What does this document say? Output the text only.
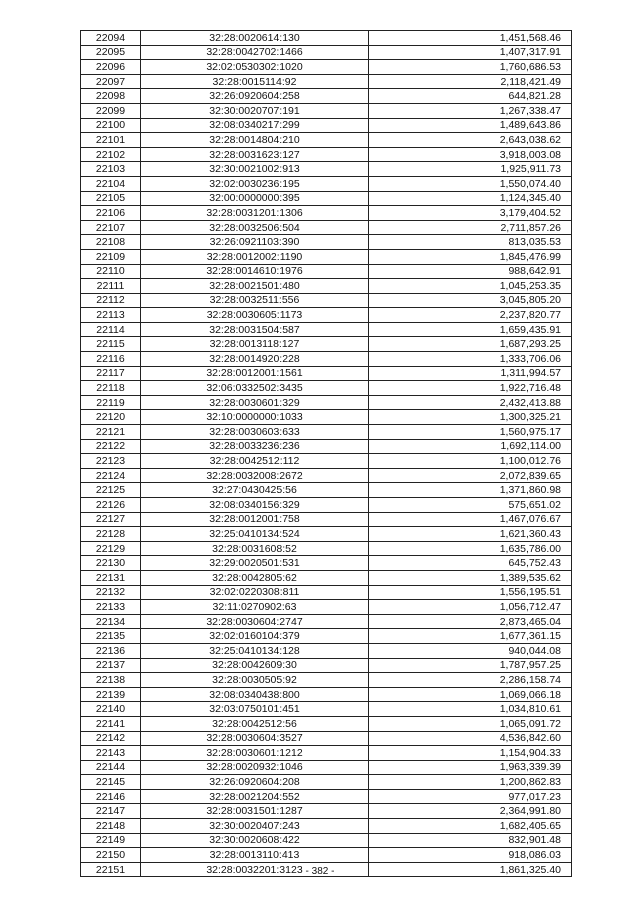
22094	32:28:0020614:130	1,451,568.46
22095	32:28:0042702:1466	1,407,317.91
22096	32:02:0530302:1020	1,760,686.53
22097	32:28:0015114:92	2,118,421.49
22098	32:26:0920604:258	644,821.28
22099	32:30:0020707:191	1,267,338.47
22100	32:08:0340217:299	1,489,643.86
22101	32:28:0014804:210	2,643,038.62
22102	32:28:0031623:127	3,918,003.08
22103	32:30:0021002:913	1,925,911.73
22104	32:02:0030236:195	1,550,074.40
22105	32:00:0000000:395	1,124,345.40
22106	32:28:0031201:1306	3,179,404.52
22107	32:28:0032506:504	2,711,857.26
22108	32:26:0921103:390	813,035.53
22109	32:28:0012002:1190	1,845,476.99
22110	32:28:0014610:1976	988,642.91
22111	32:28:0021501:480	1,045,253.35
22112	32:28:0032511:556	3,045,805.20
22113	32:28:0030605:1173	2,237,820.77
22114	32:28:0031504:587	1,659,435.91
22115	32:28:0013118:127	1,687,293.25
22116	32:28:0014920:228	1,333,706.06
22117	32:28:0012001:1561	1,311,994.57
22118	32:06:0332502:3435	1,922,716.48
22119	32:28:0030601:329	2,432,413.88
22120	32:10:0000000:1033	1,300,325.21
22121	32:28:0030603:633	1,560,975.17
22122	32:28:0033236:236	1,692,114.00
22123	32:28:0042512:112	1,100,012.76
22124	32:28:0032008:2672	2,072,839.65
22125	32:27:0430425:56	1,371,860.98
22126	32:08:0340156:329	575,651.02
22127	32:28:0012001:758	1,467,076.67
22128	32:25:0410134:524	1,621,360.43
22129	32:28:0031608:52	1,635,786.00
22130	32:29:0020501:531	645,752.43
22131	32:28:0042805:62	1,389,535.62
22132	32:02:0220308:811	1,556,195.51
22133	32:11:0270902:63	1,056,712.47
22134	32:28:0030604:2747	2,873,465.04
22135	32:02:0160104:379	1,677,361.15
22136	32:25:0410134:128	940,044.08
22137	32:28:0042609:30	1,787,957.25
22138	32:28:0030505:92	2,286,158.74
22139	32:08:0340438:800	1,069,066.18
22140	32:03:0750101:451	1,034,810.61
22141	32:28:0042512:56	1,065,091.72
22142	32:28:0030604:3527	4,536,842.60
22143	32:28:0030601:1212	1,154,904.33
22144	32:28:0020932:1046	1,963,339.39
22145	32:26:0920604:208	1,200,862.83
22146	32:28:0021204:552	977,017.23
22147	32:28:0031501:1287	2,364,991.80
22148	32:30:0020407:243	1,682,405.65
22149	32:30:0020608:422	832,901.48
22150	32:28:0013110:413	918,086.03
22151	32:28:0032201:3123	1,861,325.40
- 382 -
